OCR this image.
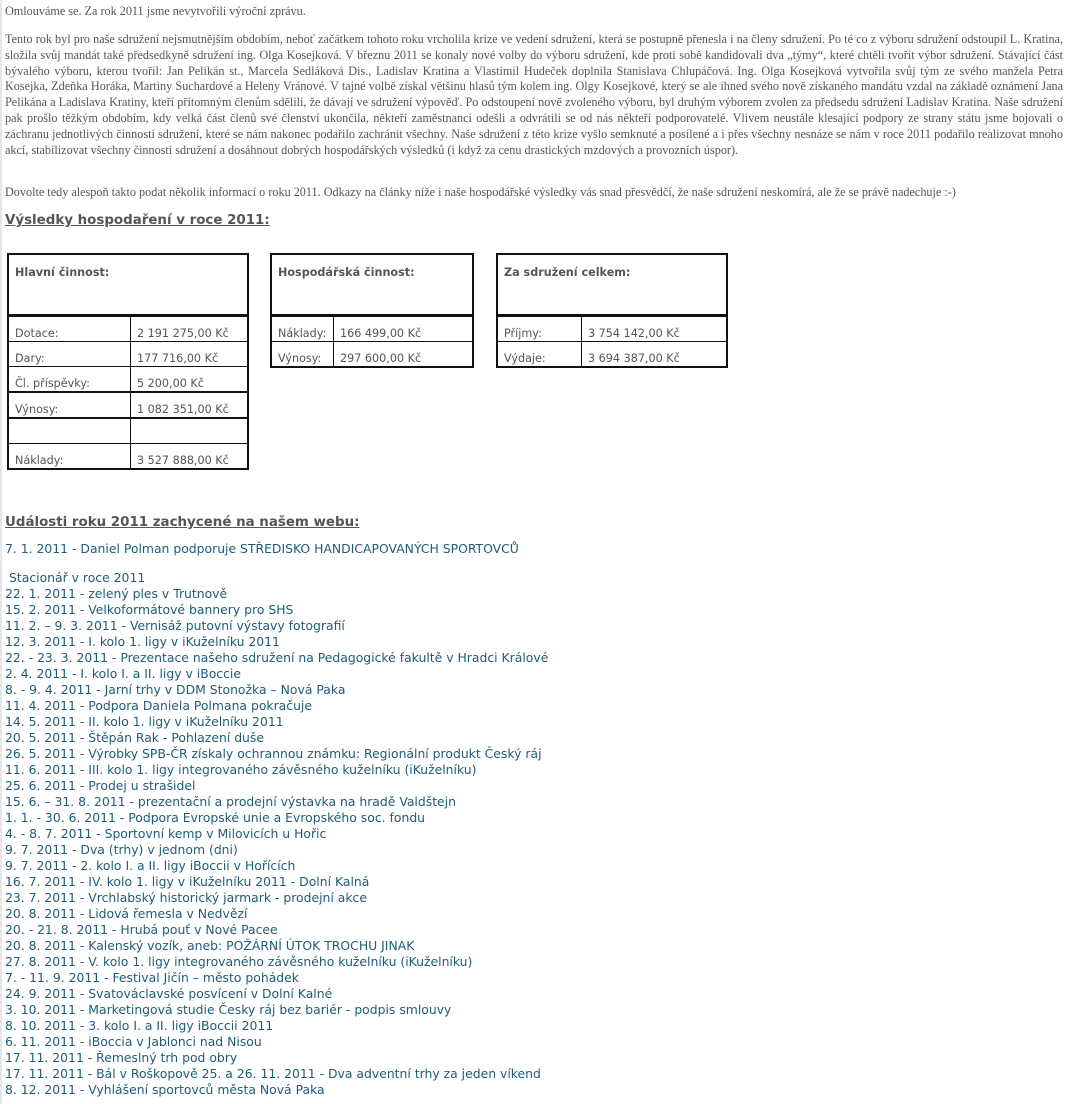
Omlouváme se. Za rok 2011 jsme nevytvořili výroční zprávu.

Tento rok byl pro naše sdružení nejsmutnějším obdobím, neboť začátkem tohoto roku vrcholila krize ve vedení sdružení, která se postupně přenesla i na členy sdružení. Po té co z výboru sdružení odstoupil L. Kratina, složila svůj mandát také předsedkyně sdružení ing. Olga Kosejková. V březnu 2011 se konaly nové volby do výboru sdružení, kde proti sobě kandidovali dva „týmy“, které chtěli tvořit výbor sdružení. Stávající část bývalého výboru, kterou tvořil: Jan Pelikán st., Marcela Sedláková Dis., Ladislav Kratina a Vlastimil Hudeček doplnila Stanislava Chlupáčová. Ing. Olga Kosejková vytvořila svůj tým ze svého manžela Petra Kosejka, Zdeňka Horáka, Martiny Suchardové a Heleny Vránové. V tajné volbě získal většinu hlasů tým kolem ing. Olgy Kosejkové, který se ale ihned svého nově získaného mandátu vzdal na základě oznámení Jana Pelikána a Ladislava Kratiny, kteří přítomným členům sdělili, že dávají ve sdružení výpověď. Po odstoupení nově zvoleného výboru, byl druhým výborem zvolen za předsedu sdružení Ladislav Kratina. Naše sdružení pak prošlo těžkým obdobím, kdy velká část členů své členství ukončila, někteří zaměstnanci odešli a odvrátili se od nás někteří podporovatelé. Vlivem neustále klesající podpory ze strany státu jsme bojovali o záchranu jednotlivých činností sdružení, které se nám nakonec podařilo zachránit všechny. Naše sdružení z této krize vyšlo semknuté a posílené a i přes všechny nesnáze se nám v roce 2011 podařilo realizovat mnoho akcí, stabilizovat všechny činnosti sdružení a dosáhnout dobrých hospodářských výsledků (i když za cenu drastických mzdových a provozních úspor).

Dovolte tedy alespoň takto podat několik informací o roku 2011. Odkazy na články níže i naše hospodářské výsledky vás snad přesvědčí, že naše sdružení neskomírá, ale že se právě nadechuje :-)

Výsledky hospodaření v roce 2011:
Hlavní činnost:	
Dotace:	2 191 275,00 Kč
Dary:	177 716,00 Kč
Čl. příspěvky:	5 200,00 Kč
Výnosy:	1 082 351,00 Kč

Náklady:	3 527 888,00 Kč
Hospodářská činnost:	
Náklady:	166 499,00 Kč
Výnosy:	297 600,00 Kč
Za sdružení celkem:	
Příjmy:	3 754 142,00 Kč
Výdaje:	3 694 387,00 Kč
Události roku 2011 zachycené na našem webu:
7. 1. 2011 - Daniel Polman podporuje STŘEDISKO HANDICAPOVANÝCH SPORTOVCŮ
Stacionář v roce 2011
22. 1. 2011 - zelený ples v Trutnově
15. 2. 2011 - Velkoformátové bannery pro SHS
11. 2. – 9. 3. 2011 - Vernisáž putovní výstavy fotografií
12. 3. 2011 - I. kolo 1. ligy v iKuželníku 2011
22. - 23. 3. 2011 - Prezentace našeho sdružení na Pedagogické fakultě v Hradci Králové
2. 4. 2011 - I. kolo I. a II. ligy v iBoccie
8. - 9. 4. 2011 - Jarní trhy v DDM Stonožka – Nová Paka
11. 4. 2011 - Podpora Daniela Polmana pokračuje
14. 5. 2011 - II. kolo 1. ligy v iKuželníku 2011
20. 5. 2011 - Štěpán Rak - Pohlazení duše
26. 5. 2011 - Výrobky SPB-ČR získaly ochrannou známku: Regionální produkt Český ráj
11. 6. 2011 - III. kolo 1. ligy integrovaného závěsného kuželníku (iKuželníku)
25. 6. 2011 - Prodej u strašidel
15. 6. – 31. 8. 2011 - prezentační a prodejní výstavka na hradě Valdštejn
1. 1. - 30. 6. 2011 - Podpora Evropské unie a Evropského soc. fondu
4. - 8. 7. 2011 - Sportovní kemp v Milovicích u Hořic
9. 7. 2011 - Dva (trhy) v jednom (dni)
9. 7. 2011 - 2. kolo I. a II. ligy iBoccii v Hořících
16. 7. 2011 - IV. kolo 1. ligy v iKuželníku 2011 - Dolní Kalná
23. 7. 2011 - Vrchlabský historický jarmark - prodejní akce
20. 8. 2011 - Lidová řemesla v Nedvězí
20. - 21. 8. 2011 - Hrubá pouť v Nové Pacee
20. 8. 2011 - Kalenský vozík, aneb: POŽÁRNÍ ÚTOK TROCHU JINAK
27. 8. 2011 - V. kolo 1. ligy integrovaného závěsného kuželníku (iKuželníku)
7. - 11. 9. 2011 - Festival Jičín – město pohádek
24. 9. 2011 - Svatováclavské posvícení v Dolní Kalné
3. 10. 2011 - Marketingová studie Česky ráj bez bariér - podpis smlouvy
8. 10. 2011 - 3. kolo I. a II. ligy iBoccii 2011
6. 11. 2011 - iBoccia v Jablonci nad Nisou
17. 11. 2011 - Řemeslný trh pod obry
17. 11. 2011 - Bál v Roškopově 25. a 26. 11. 2011 - Dva adventní trhy za jeden víkend
8. 12. 2011 - Vyhlášení sportovců města Nová Paka
